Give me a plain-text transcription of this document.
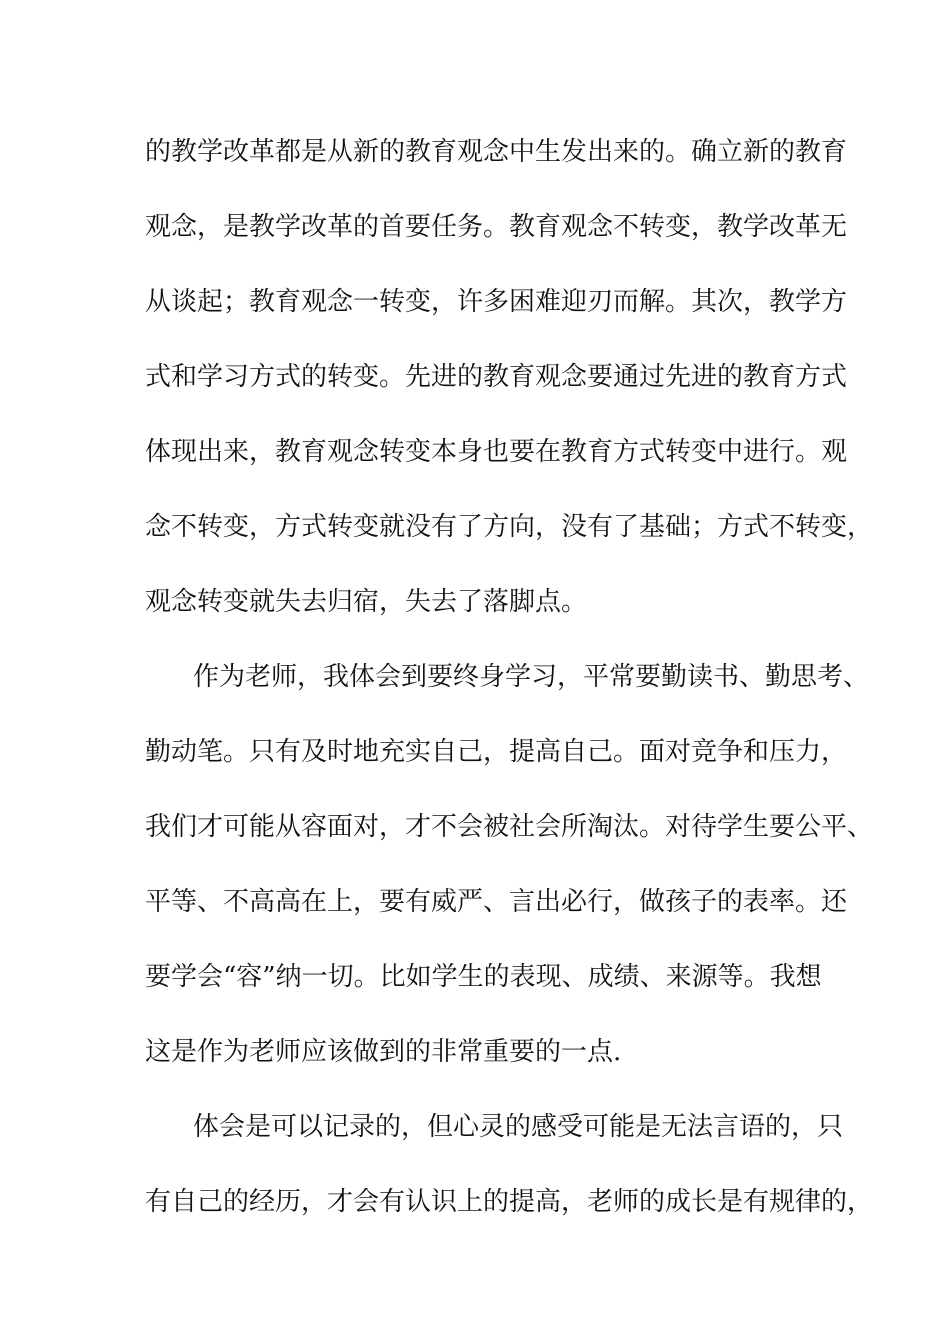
的教学改革都是从新的教育观念中生发出来的。确立新的教育
观念，是教学改革的首要任务。教育观念不转变，教学改革无
从谈起；教育观念一转变，许多困难迎刃而解。其次，教学方
式和学习方式的转变。先进的教育观念要通过先进的教育方式
体现出来，教育观念转变本身也要在教育方式转变中进行。观
念不转变，方式转变就没有了方向，没有了基础；方式不转变，
观念转变就失去归宿，失去了落脚点。
作为老师，我体会到要终身学习，平常要勤读书、勤思考、
勤动笔。只有及时地充实自己，提高自己。面对竞争和压力，
我们才可能从容面对，才不会被社会所淘汰。对待学生要公平、
平等、不高高在上，要有威严、言出必行，做孩子的表率。还
要学会“容”纳一切。比如学生的表现、成绩、来源等。我想
这是作为老师应该做到的非常重要的一点.
体会是可以记录的，但心灵的感受可能是无法言语的，只
有自己的经历，才会有认识上的提高，老师的成长是有规律的，
